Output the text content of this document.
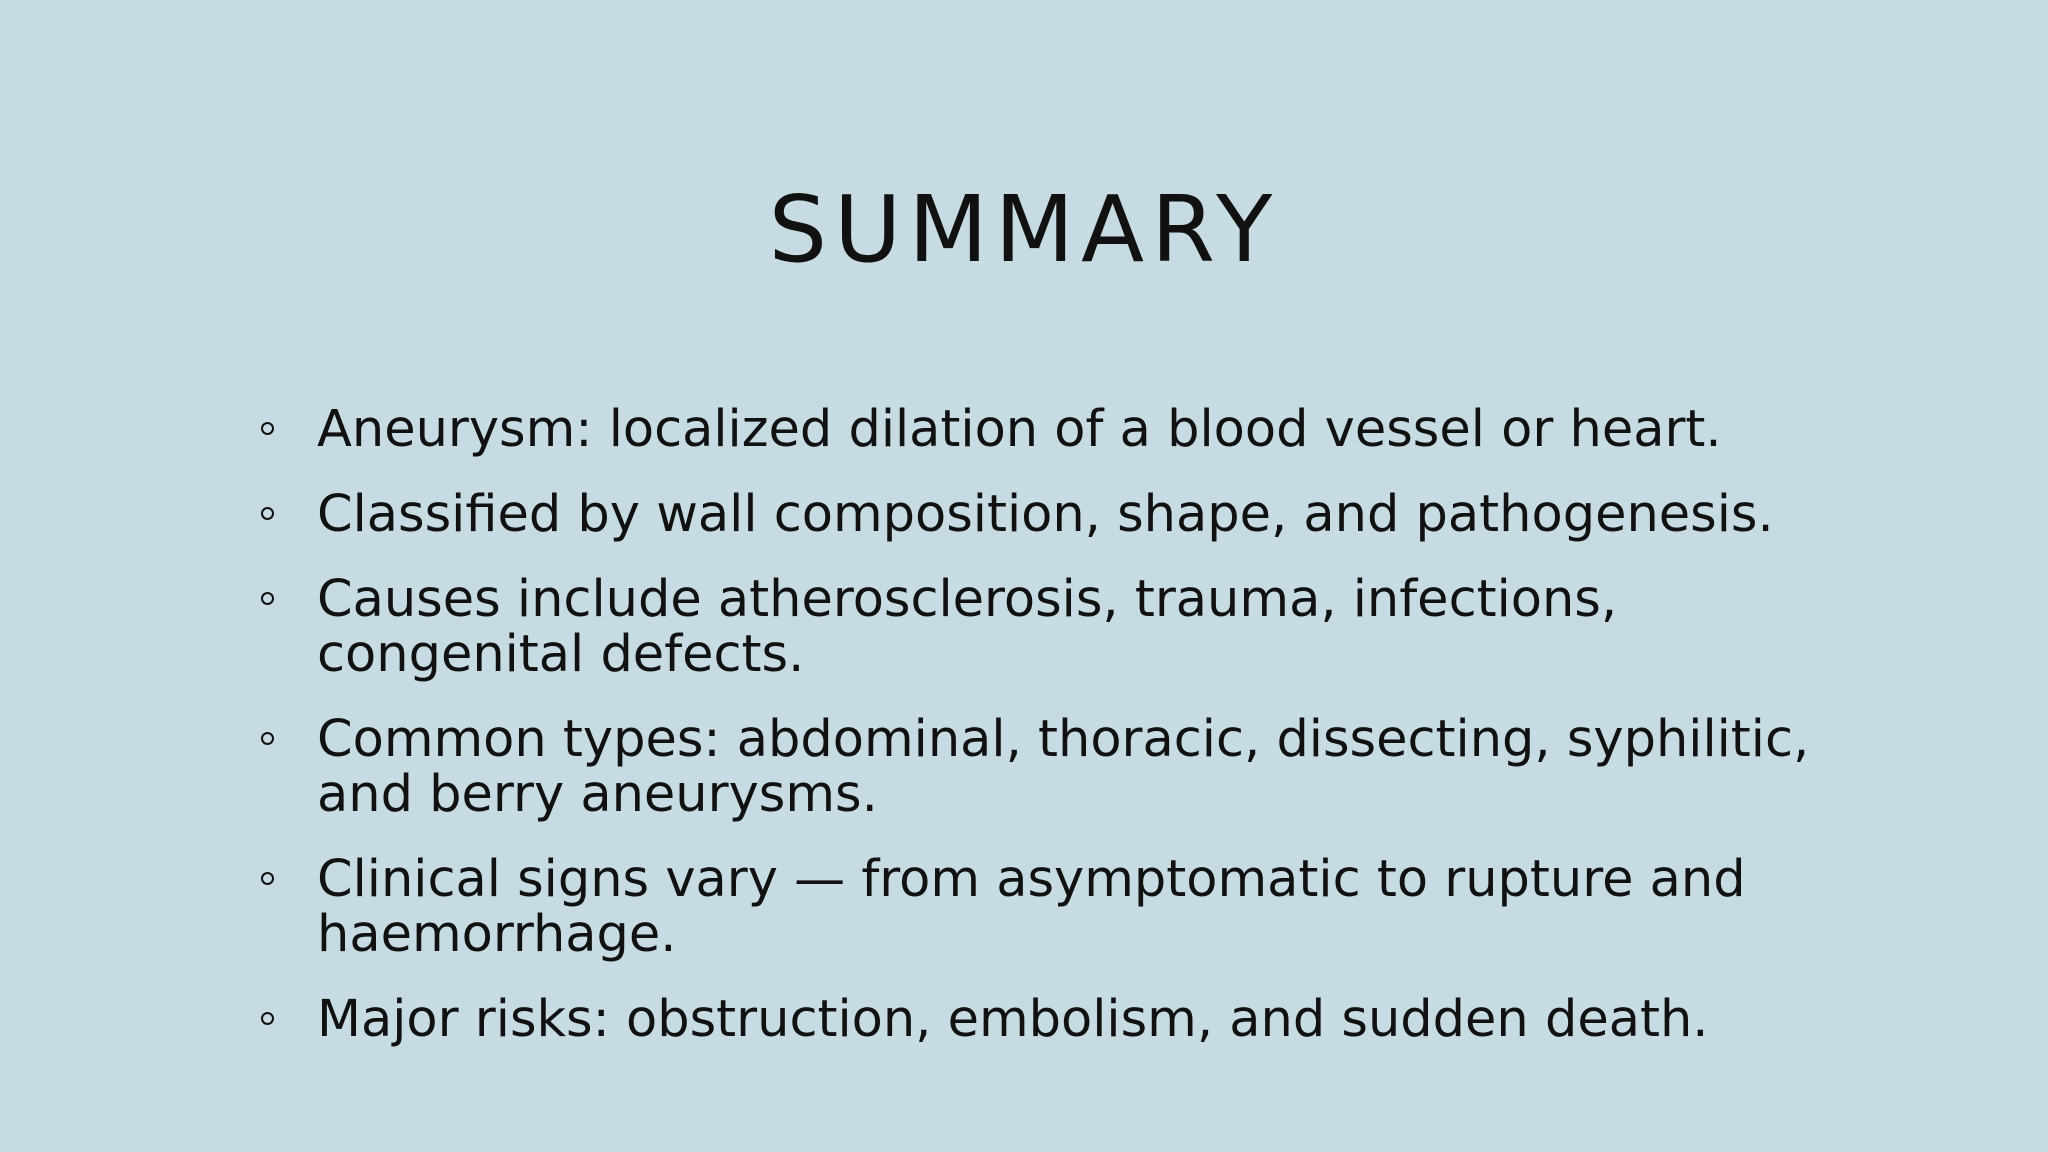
SUMMARY
Aneurysm: localized dilation of a blood vessel or heart.
Classified by wall composition, shape, and pathogenesis.
Causes include atherosclerosis, trauma, infections, congenital defects.
Common types: abdominal, thoracic, dissecting, syphilitic, and berry aneurysms.
Clinical signs vary — from asymptomatic to rupture and haemorrhage.
Major risks: obstruction, embolism, and sudden death.
